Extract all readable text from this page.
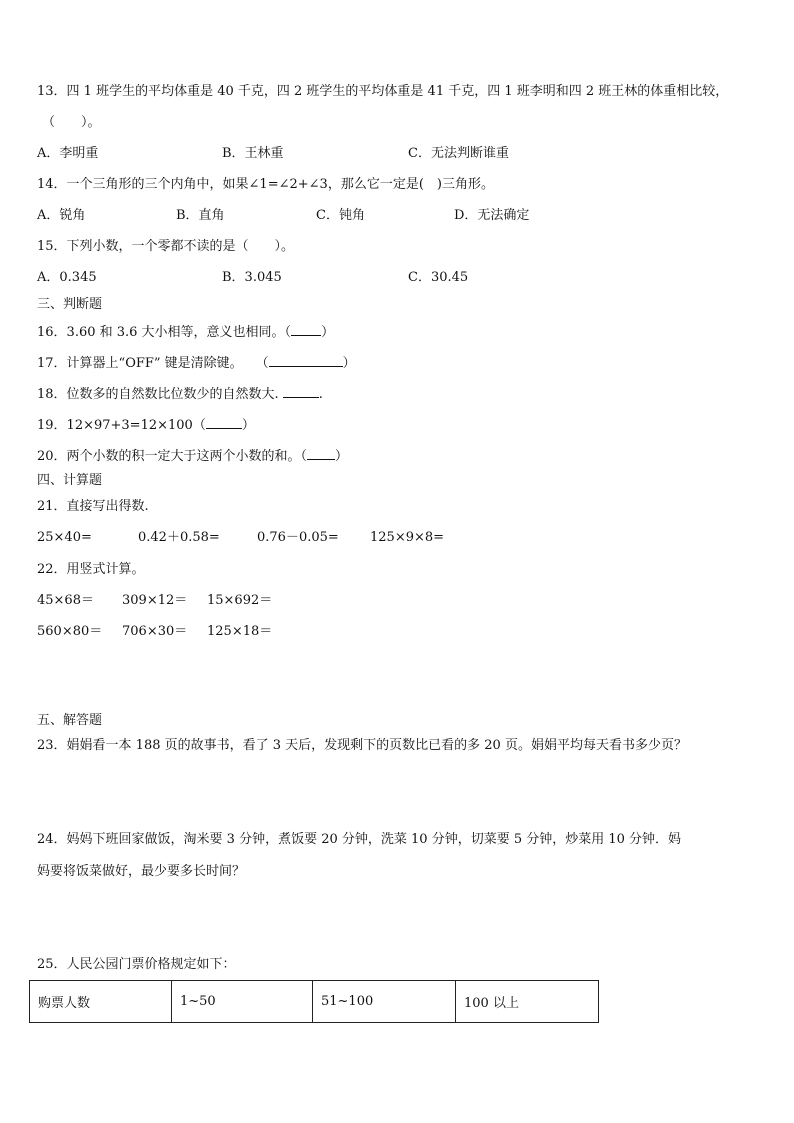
13．四 1 班学生的平均体重是 40 千克，四 2 班学生的平均体重是 41 千克，四 1 班李明和四 2 班王林的体重相比较，
（　　）。
A．李明重	B．王林重	C．无法判断谁重
14．一个三角形的三个内角中，如果∠1=∠2+∠3，那么它一定是(　)三角形。
A．锐角	B．直角	C．钝角	D．无法确定
15．下列小数，一个零都不读的是（　　）。
A．0.345	B．3.045	C．30.45
三、判断题
16．3.60 和 3.6 大小相等，意义也相同。（ ）
17．计算器上“OFF” 键是清除键。　　（	）
18．位数多的自然数比位数少的自然数大.	.
19．12×97+3=12×100（	）
20．两个小数的积一定大于这两个小数的和。（ ）
四、计算题
21．直接写出得数.
25×40=	0.42＋0.58=	0.76－0.05= 125×9×8=
22．用竖式计算。
45×68＝ 309×12＝ 15×692＝
560×80＝ 706×30＝ 125×18＝
五、解答题
23．娟娟看一本 188 页的故事书，看了 3 天后，发现剩下的页数比已看的多 20 页。娟娟平均每天看书多少页？
24．妈妈下班回家做饭，淘米要 3 分钟，煮饭要 20 分钟，洗菜 10 分钟，切菜要 5 分钟，炒菜用 10 分钟．妈
妈要将饭菜做好，最少要多长时间？
25．人民公园门票价格规定如下：
购票人数	1~50	51~100	100 以上
